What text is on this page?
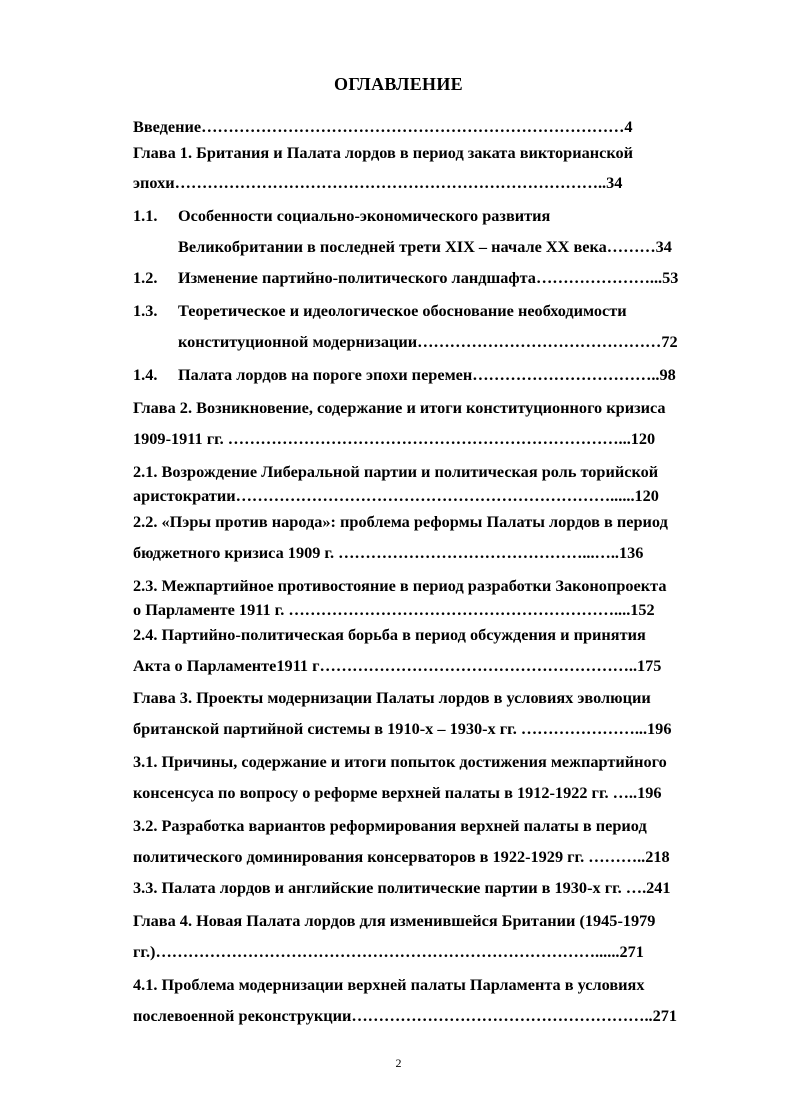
ОГЛАВЛЕНИЕ
Введение……………………………………………………………………4
Глава 1. Британия и Палата лордов в период заката викторианской
эпохи……………………………………………………………………..34
1.1. Особенности социально-экономического развития
Великобритании в последней трети XIX – начале XX века………34
1.2. Изменение партийно-политического ландшафта…………………...53
1.3. Теоретическое и идеологическое обоснование необходимости
конституционной модернизации………………………………………72
1.4. Палата лордов на пороге эпохи перемен……………………………..98
Глава 2. Возникновение, содержание и итоги конституционного кризиса
1909-1911 гг. ………………………………………………………………...120
2.1. Возрождение Либеральной партии и политическая роль торийской
аристократии……………………………………………………………......120
2.2. «Пэры против народа»: проблема реформы Палаты лордов в период
бюджетного кризиса 1909 г. ………………………………………...…..136
2.3. Межпартийное противостояние в период разработки Законопроекта
о Парламенте 1911 г. ……………………………………………………....152
2.4. Партийно-политическая борьба в период обсуждения и принятия
Акта о Парламенте1911 г…………………………………………………..175
Глава 3. Проекты модернизации Палаты лордов в условиях эволюции
британской партийной системы в 1910-х – 1930-х гг. …………………...196
3.1. Причины, содержание и итоги попыток достижения межпартийного
консенсуса по вопросу о реформе верхней палаты в 1912-1922 гг. …..196
3.2. Разработка вариантов реформирования верхней палаты в период
политического доминирования консерваторов в 1922-1929 гг. ………..218
3.3. Палата лордов и английские политические партии в 1930-х гг. ….241
Глава 4. Новая Палата лордов для изменившейся Британии (1945-1979
гг.)………………………………………………………………………......271
4.1. Проблема модернизации верхней палаты Парламента в условиях
послевоенной реконструкции………………………………………………..271
2
